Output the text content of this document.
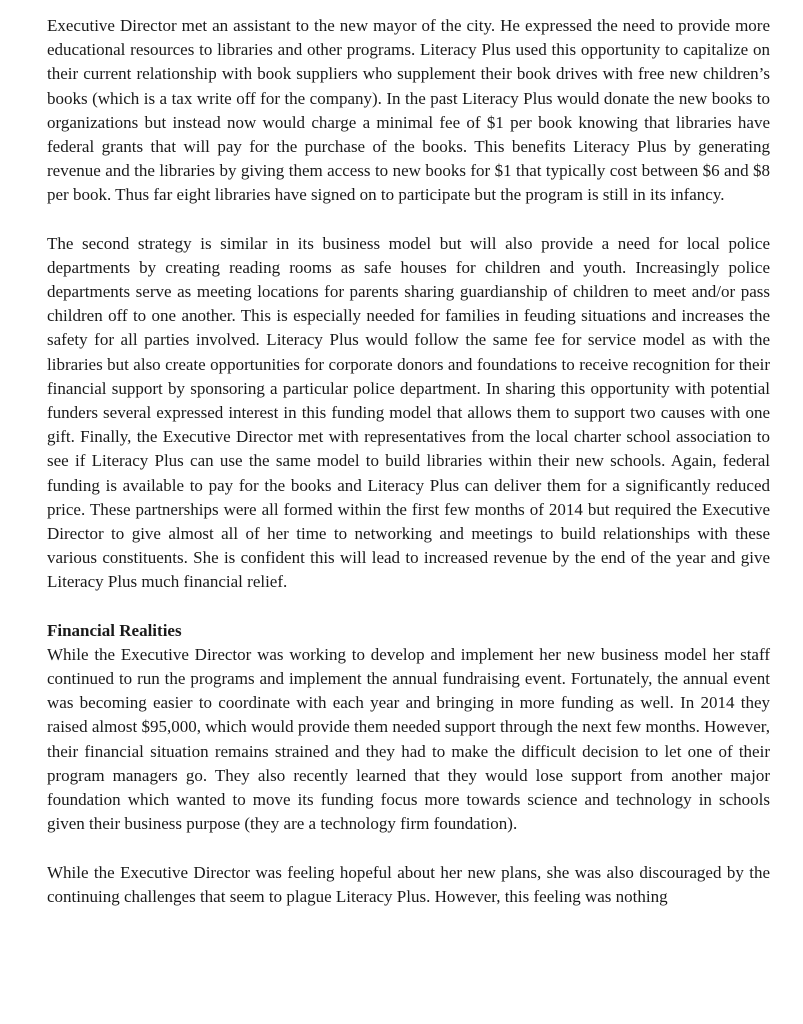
Executive Director met an assistant to the new mayor of the city. He expressed the need to provide more educational resources to libraries and other programs. Literacy Plus used this opportunity to capitalize on their current relationship with book suppliers who supplement their book drives with free new children’s books (which is a tax write off for the company). In the past Literacy Plus would donate the new books to organizations but instead now would charge a minimal fee of $1 per book knowing that libraries have federal grants that will pay for the purchase of the books. This benefits Literacy Plus by generating revenue and the libraries by giving them access to new books for $1 that typically cost between $6 and $8 per book. Thus far eight libraries have signed on to participate but the program is still in its infancy.

The second strategy is similar in its business model but will also provide a need for local police departments by creating reading rooms as safe houses for children and youth. Increasingly police departments serve as meeting locations for parents sharing guardianship of children to meet and/or pass children off to one another. This is especially needed for families in feuding situations and increases the safety for all parties involved. Literacy Plus would follow the same fee for service model as with the libraries but also create opportunities for corporate donors and foundations to receive recognition for their financial support by sponsoring a particular police department. In sharing this opportunity with potential funders several expressed interest in this funding model that allows them to support two causes with one gift. Finally, the Executive Director met with representatives from the local charter school association to see if Literacy Plus can use the same model to build libraries within their new schools. Again, federal funding is available to pay for the books and Literacy Plus can deliver them for a significantly reduced price. These partnerships were all formed within the first few months of 2014 but required the Executive Director to give almost all of her time to networking and meetings to build relationships with these various constituents. She is confident this will lead to increased revenue by the end of the year and give Literacy Plus much financial relief.

Financial Realities

While the Executive Director was working to develop and implement her new business model her staff continued to run the programs and implement the annual fundraising event. Fortunately, the annual event was becoming easier to coordinate with each year and bringing in more funding as well. In 2014 they raised almost $95,000, which would provide them needed support through the next few months. However, their financial situation remains strained and they had to make the difficult decision to let one of their program managers go. They also recently learned that they would lose support from another major foundation which wanted to move its funding focus more towards science and technology in schools given their business purpose (they are a technology firm foundation).

While the Executive Director was feeling hopeful about her new plans, she was also discouraged by the continuing challenges that seem to plague Literacy Plus. However, this feeling was nothing
